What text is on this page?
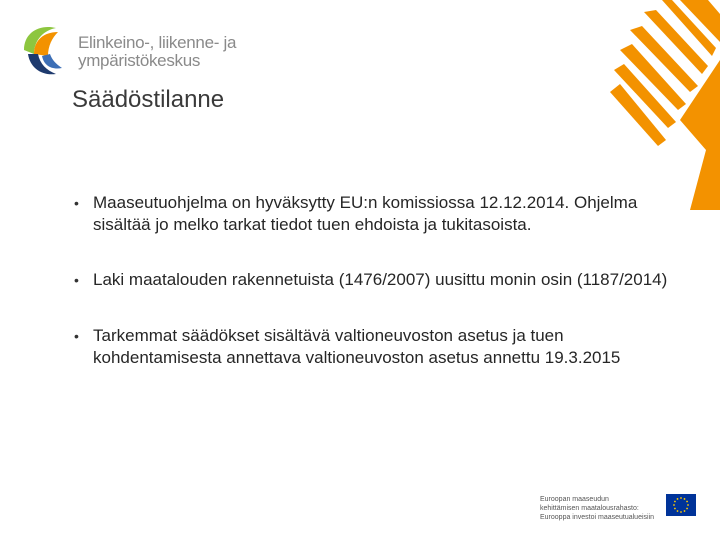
Elinkeino-, liikenne- ja
ympäristökeskus
Säädöstilanne
• Maaseutuohjelma on hyväksytty EU:n komissiossa 12.12.2014. Ohjelma sisältää jo melko tarkat tiedot tuen ehdoista ja tukitasoista.
• Laki maatalouden rakennetuista (1476/2007) uusittu monin osin (1187/2014)
• Tarkemmat säädökset sisältävä valtioneuvoston asetus ja tuen kohdentamisesta annettava valtioneuvoston asetus annettu 19.3.2015
Euroopan maaseudun
kehittämisen maatalousrahasto:
Eurooppa investoi maaseutualueisiin
